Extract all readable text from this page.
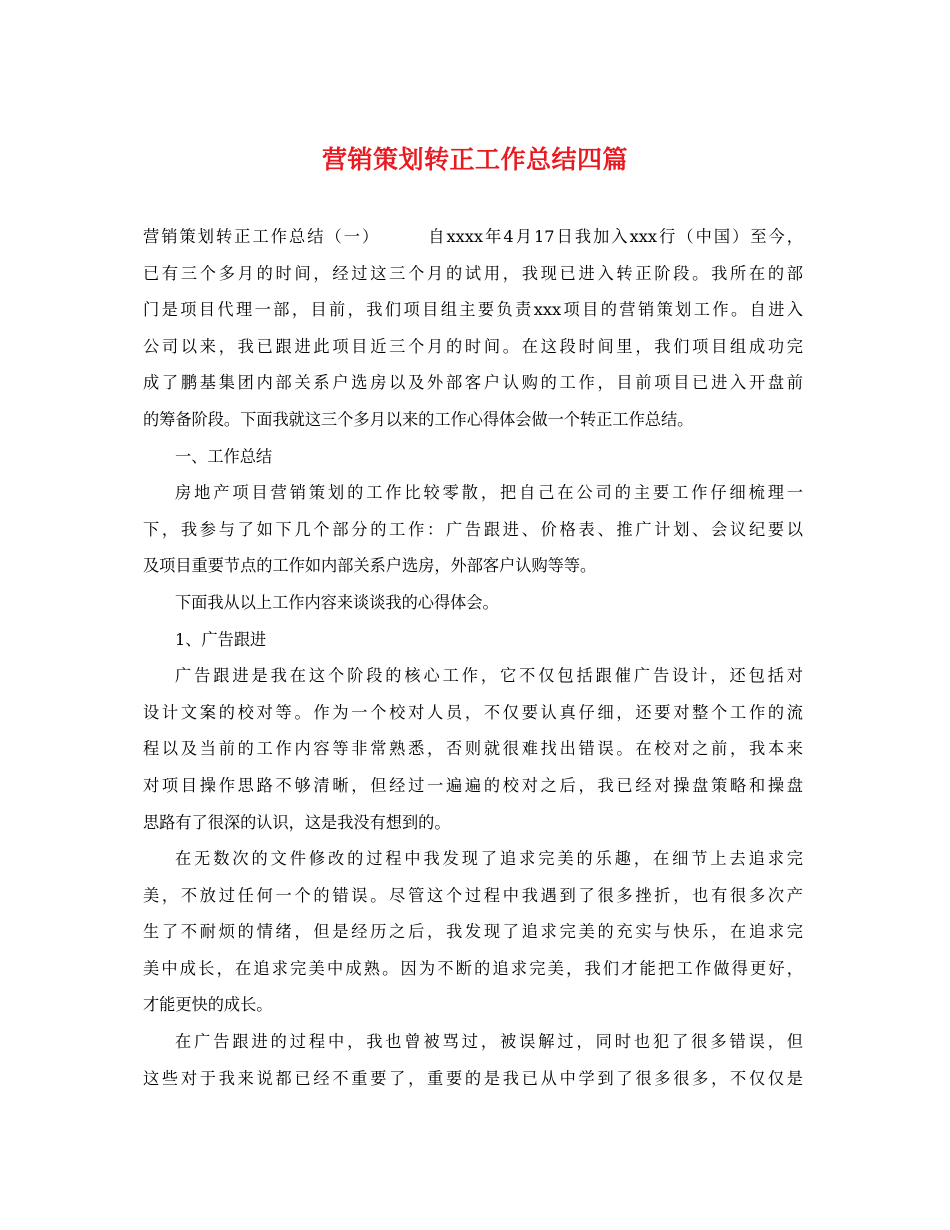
营销策划转正工作总结四篇
营销策划转正工作总结（一）	自xxxx年4月17日我加入xxx行（中国）至今，
已有三个多月的时间，经过这三个月的试用，我现已进入转正阶段。我所在的部
门是项目代理一部，目前，我们项目组主要负责xxx项目的营销策划工作。自进入
公司以来，我已跟进此项目近三个月的时间。在这段时间里，我们项目组成功完
成了鹏基集团内部关系户选房以及外部客户认购的工作，目前项目已进入开盘前
的筹备阶段。下面我就这三个多月以来的工作心得体会做一个转正工作总结。
一、工作总结
房地产项目营销策划的工作比较零散，把自己在公司的主要工作仔细梳理一
下，我参与了如下几个部分的工作：广告跟进、价格表、推广计划、会议纪要以
及项目重要节点的工作如内部关系户选房，外部客户认购等等。
下面我从以上工作内容来谈谈我的心得体会。
1、广告跟进
广告跟进是我在这个阶段的核心工作，它不仅包括跟催广告设计，还包括对
设计文案的校对等。作为一个校对人员，不仅要认真仔细，还要对整个工作的流
程以及当前的工作内容等非常熟悉，否则就很难找出错误。在校对之前，我本来
对项目操作思路不够清晰，但经过一遍遍的校对之后，我已经对操盘策略和操盘
思路有了很深的认识，这是我没有想到的。
在无数次的文件修改的过程中我发现了追求完美的乐趣，在细节上去追求完
美，不放过任何一个的错误。尽管这个过程中我遇到了很多挫折，也有很多次产
生了不耐烦的情绪，但是经历之后，我发现了追求完美的充实与快乐，在追求完
美中成长，在追求完美中成熟。因为不断的追求完美，我们才能把工作做得更好，
才能更快的成长。
在广告跟进的过程中，我也曾被骂过，被误解过，同时也犯了很多错误，但
这些对于我来说都已经不重要了，重要的是我已从中学到了很多很多，不仅仅是
